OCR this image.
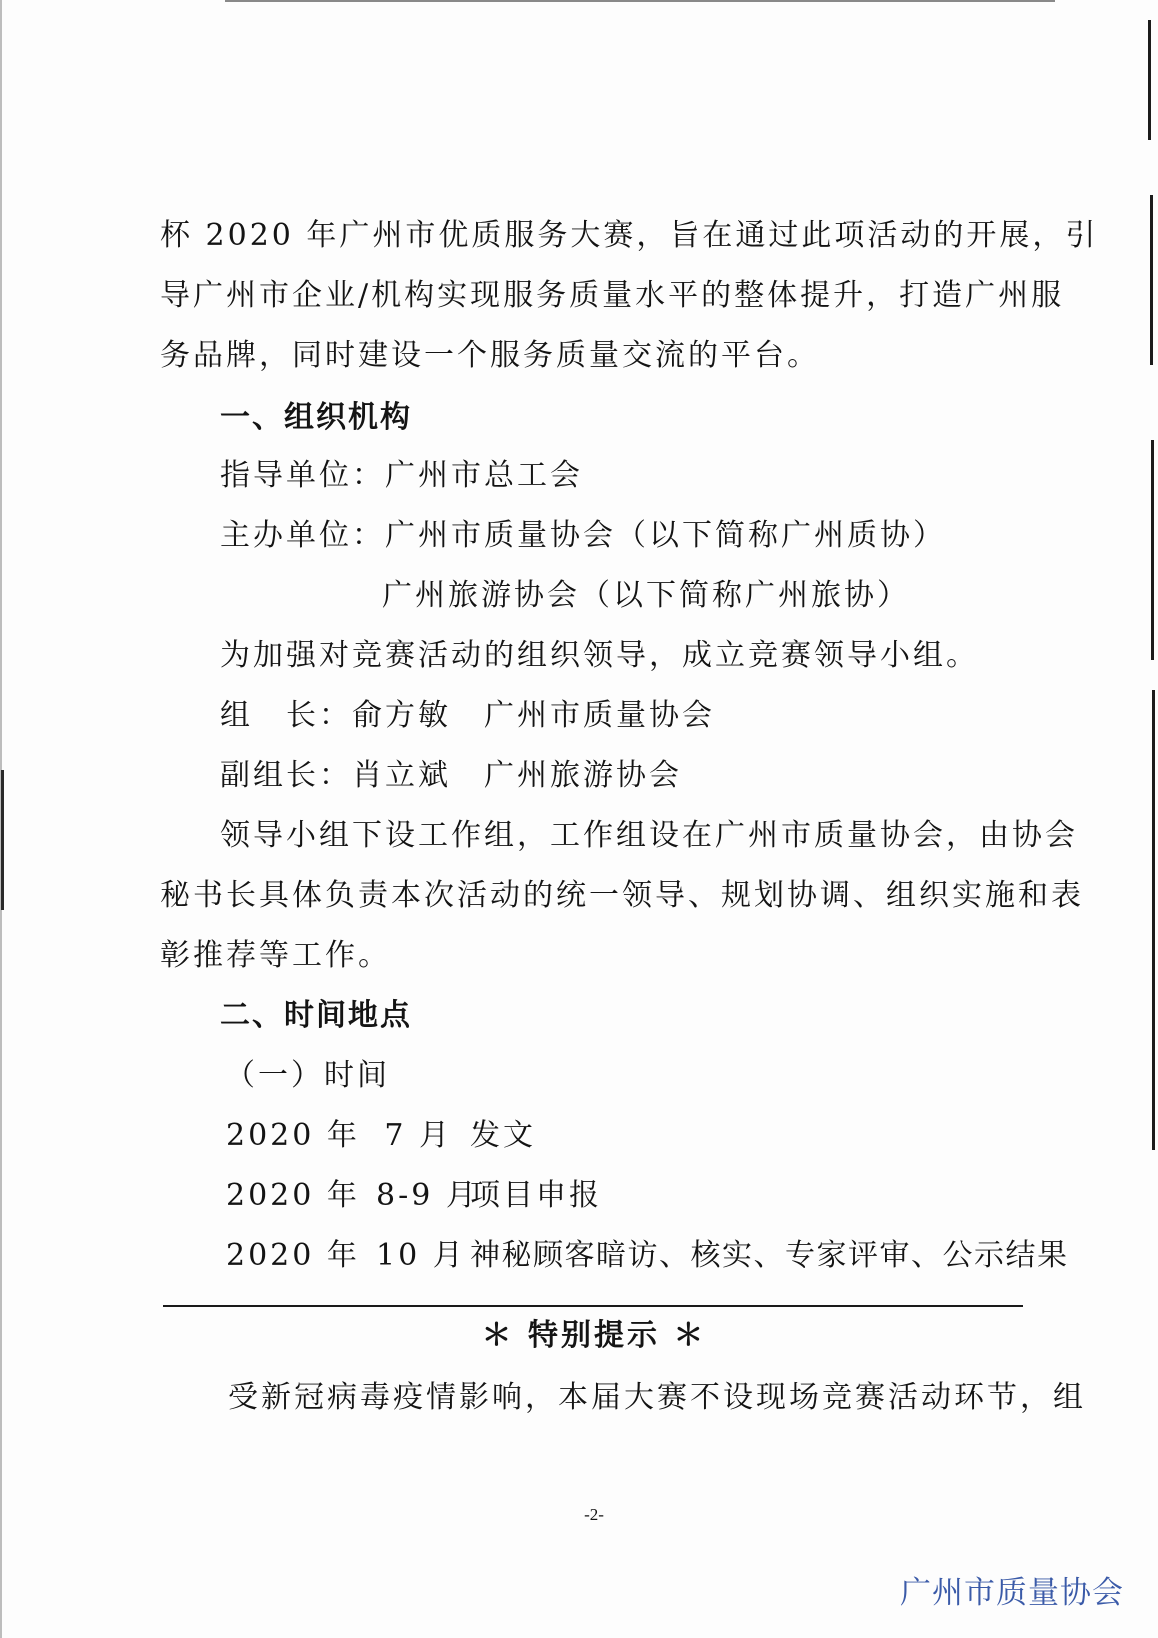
杯 2020 年广州市优质服务大赛，旨在通过此项活动的开展，引
导广州市企业/机构实现服务质量水平的整体提升，打造广州服
务品牌，同时建设一个服务质量交流的平台。
一、组织机构
指导单位：广州市总工会
主办单位：广州市质量协会（以下简称广州质协）
广州旅游协会（以下简称广州旅协）
为加强对竞赛活动的组织领导，成立竞赛领导小组。
组　长：俞方敏　广州市质量协会
副组长：肖立斌　广州旅游协会
领导小组下设工作组，工作组设在广州市质量协会，由协会
秘书长具体负责本次活动的统一领导、规划协调、组织实施和表
彰推荐等工作。
二、时间地点
（一）时间
2020 年 7 月 发文
2020 年 8-9 月项目申报
2020 年 10 月 神秘顾客暗访、核实、专家评审、公示结果
＊ 特别提示 ＊
受新冠病毒疫情影响，本届大赛不设现场竞赛活动环节，组
-2-
广州市质量协会
